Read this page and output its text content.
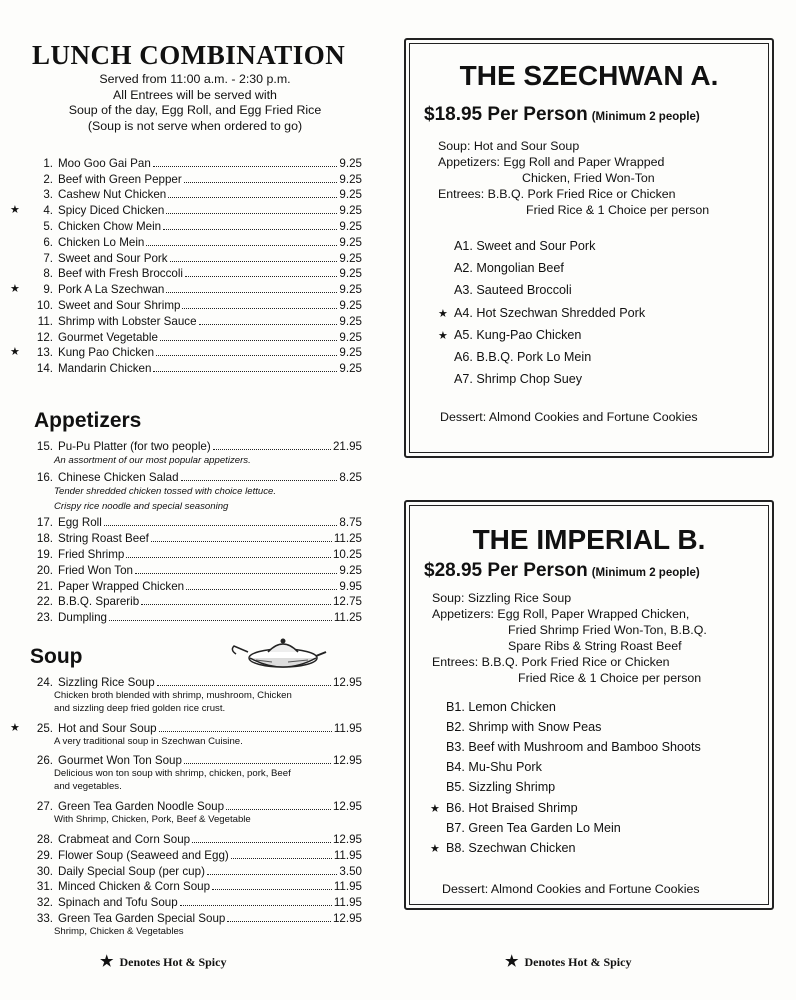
LUNCH COMBINATION
Served from 11:00 a.m. - 2:30 p.m.
All Entrees will be served with
Soup of the day, Egg Roll, and Egg Fried Rice
(Soup is not serve when ordered to go)
1. Moo Goo Gai Pan	9.25
2. Beef with Green Pepper	9.25
3. Cashew Nut Chicken	9.25
★	4. Spicy Diced Chicken	9.25
5. Chicken Chow Mein	9.25
6. Chicken Lo Mein	9.25
7. Sweet and Sour Pork	9.25
8. Beef with Fresh Broccoli	9.25
★	9. Pork A La Szechwan	9.25
10. Sweet and Sour Shrimp	9.25
11. Shrimp with Lobster Sauce	9.25
12. Gourmet Vegetable	9.25
★	13. Kung Pao Chicken	9.25
14. Mandarin Chicken	9.25
Appetizers
15. Pu-Pu Platter (for two people)	21.95
An assortment of our most popular appetizers.
16. Chinese Chicken Salad	8.25
Tender shredded chicken tossed with choice lettuce.
Crispy rice noodle and special seasoning
17. Egg Roll	8.75
18. String Roast Beef	11.25
19. Fried Shrimp	10.25
20. Fried Won Ton	9.25
21. Paper Wrapped Chicken	9.95
22. B.B.Q. Sparerib	12.75
23. Dumpling	11.25
Soup
24. Sizzling Rice Soup	12.95
Chicken broth blended with shrimp, mushroom, Chicken
and sizzling deep fried golden rice crust.
★	25. Hot and Sour Soup	11.95
A very traditional soup in Szechwan Cuisine.
26. Gourmet Won Ton Soup	12.95
Delicious won ton soup with shrimp, chicken, pork, Beef
and vegetables.
27. Green Tea Garden Noodle Soup	12.95
With Shrimp, Chicken, Pork, Beef & Vegetable
28. Crabmeat and Corn Soup	12.95
29. Flower Soup (Seaweed and Egg)	11.95
30. Daily Special Soup (per cup)	3.50
31. Minced Chicken & Corn Soup	11.95
32. Spinach and Tofu Soup	11.95
33. Green Tea Garden Special Soup	12.95
Shrimp, Chicken & Vegetables
★ Denotes Hot & Spicy
THE SZECHWAN A.
$18.95 Per Person (Minimum 2 people)
Soup: Hot and Sour Soup
Appetizers: Egg Roll and Paper Wrapped
Chicken, Fried Won-Ton
Entrees: B.B.Q. Pork Fried Rice or Chicken
Fried Rice & 1 Choice per person
A1. Sweet and Sour Pork
A2. Mongolian Beef
A3. Sauteed Broccoli
★ A4. Hot Szechwan Shredded Pork
★ A5. Kung-Pao Chicken
A6. B.B.Q. Pork Lo Mein
A7. Shrimp Chop Suey
Dessert: Almond Cookies and Fortune Cookies
THE IMPERIAL B.
$28.95 Per Person (Minimum 2 people)
Soup: Sizzling Rice Soup
Appetizers: Egg Roll, Paper Wrapped Chicken,
Fried Shrimp Fried Won-Ton, B.B.Q.
Spare Ribs & String Roast Beef
Entrees: B.B.Q. Pork Fried Rice or Chicken
Fried Rice & 1 Choice per person
B1. Lemon Chicken
B2. Shrimp with Snow Peas
B3. Beef with Mushroom and Bamboo Shoots
B4. Mu-Shu Pork
B5. Sizzling Shrimp
★ B6. Hot Braised Shrimp
B7. Green Tea Garden Lo Mein
★ B8. Szechwan Chicken
Dessert: Almond Cookies and Fortune Cookies
★ Denotes Hot & Spicy
